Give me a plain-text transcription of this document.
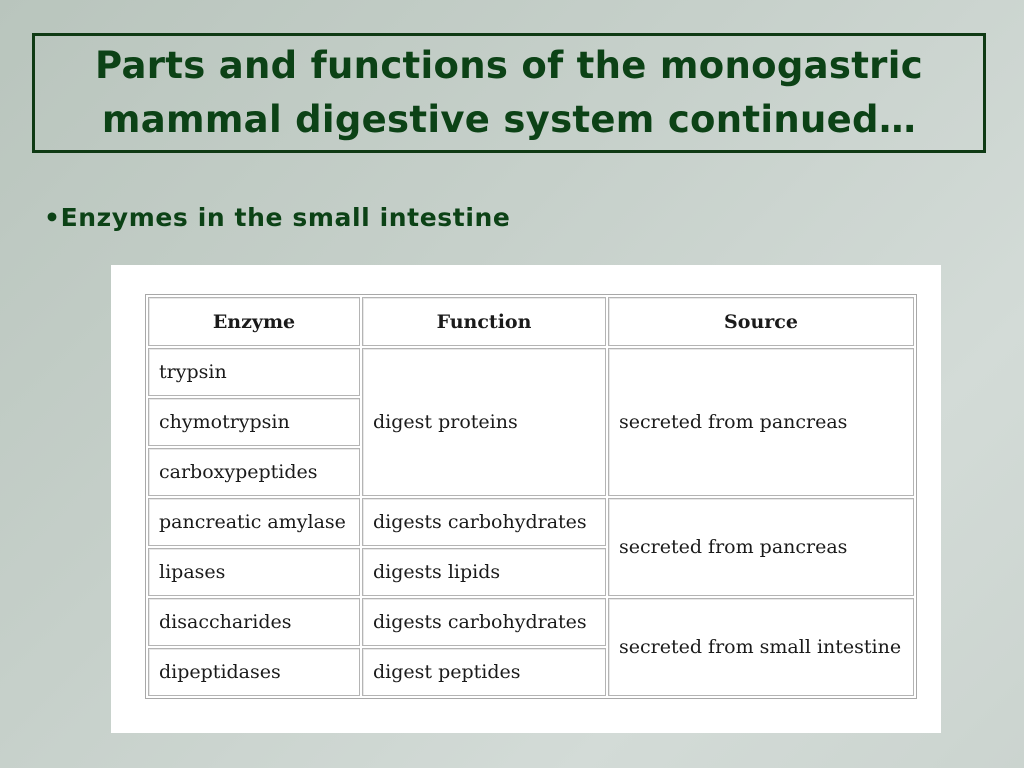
Parts and functions of the monogastric
mammal digestive system continued…
•Enzymes in the small intestine
Enzyme	Function	Source
trypsin	digest proteins	secreted from pancreas
chymotrypsin		
carboxypeptides		
pancreatic amylase	digests carbohydrates	secreted from pancreas
lipases	digests lipids	
disaccharides	digests carbohydrates	secreted from small intestine
dipeptidases	digest peptides	
